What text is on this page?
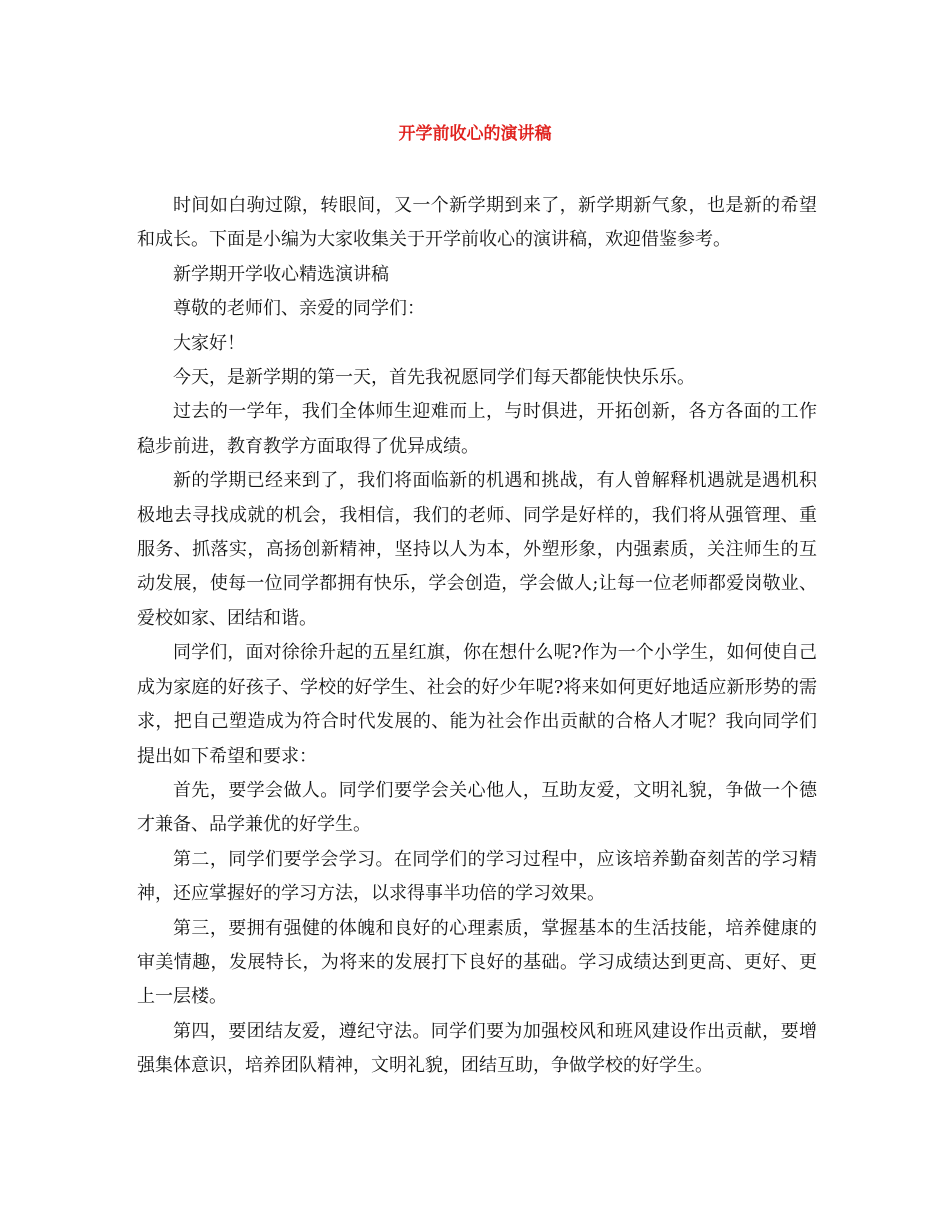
开学前收心的演讲稿

时间如白驹过隙，转眼间，又一个新学期到来了，新学期新气象，也是新的希望和成长。下面是小编为大家收集关于开学前收心的演讲稿，欢迎借鉴参考。

新学期开学收心精选演讲稿

尊敬的老师们、亲爱的同学们：

大家好！

今天，是新学期的第一天，首先我祝愿同学们每天都能快快乐乐。

过去的一学年，我们全体师生迎难而上，与时俱进，开拓创新，各方各面的工作稳步前进，教育教学方面取得了优异成绩。

新的学期已经来到了，我们将面临新的机遇和挑战，有人曾解释机遇就是遇机积极地去寻找成就的机会，我相信，我们的老师、同学是好样的，我们将从强管理、重服务、抓落实，高扬创新精神，坚持以人为本，外塑形象，内强素质，关注师生的互动发展，使每一位同学都拥有快乐，学会创造，学会做人;让每一位老师都爱岗敬业、爱校如家、团结和谐。

同学们，面对徐徐升起的五星红旗，你在想什么呢?作为一个小学生，如何使自己成为家庭的好孩子、学校的好学生、社会的好少年呢?将来如何更好地适应新形势的需求，把自己塑造成为符合时代发展的、能为社会作出贡献的合格人才呢？我向同学们提出如下希望和要求：

首先，要学会做人。同学们要学会关心他人，互助友爱，文明礼貌，争做一个德才兼备、品学兼优的好学生。

第二，同学们要学会学习。在同学们的学习过程中，应该培养勤奋刻苦的学习精神，还应掌握好的学习方法，以求得事半功倍的学习效果。

第三，要拥有强健的体魄和良好的心理素质，掌握基本的生活技能，培养健康的审美情趣，发展特长，为将来的发展打下良好的基础。学习成绩达到更高、更好、更上一层楼。

第四，要团结友爱，遵纪守法。同学们要为加强校风和班风建设作出贡献，要增强集体意识，培养团队精神，文明礼貌，团结互助，争做学校的好学生。
